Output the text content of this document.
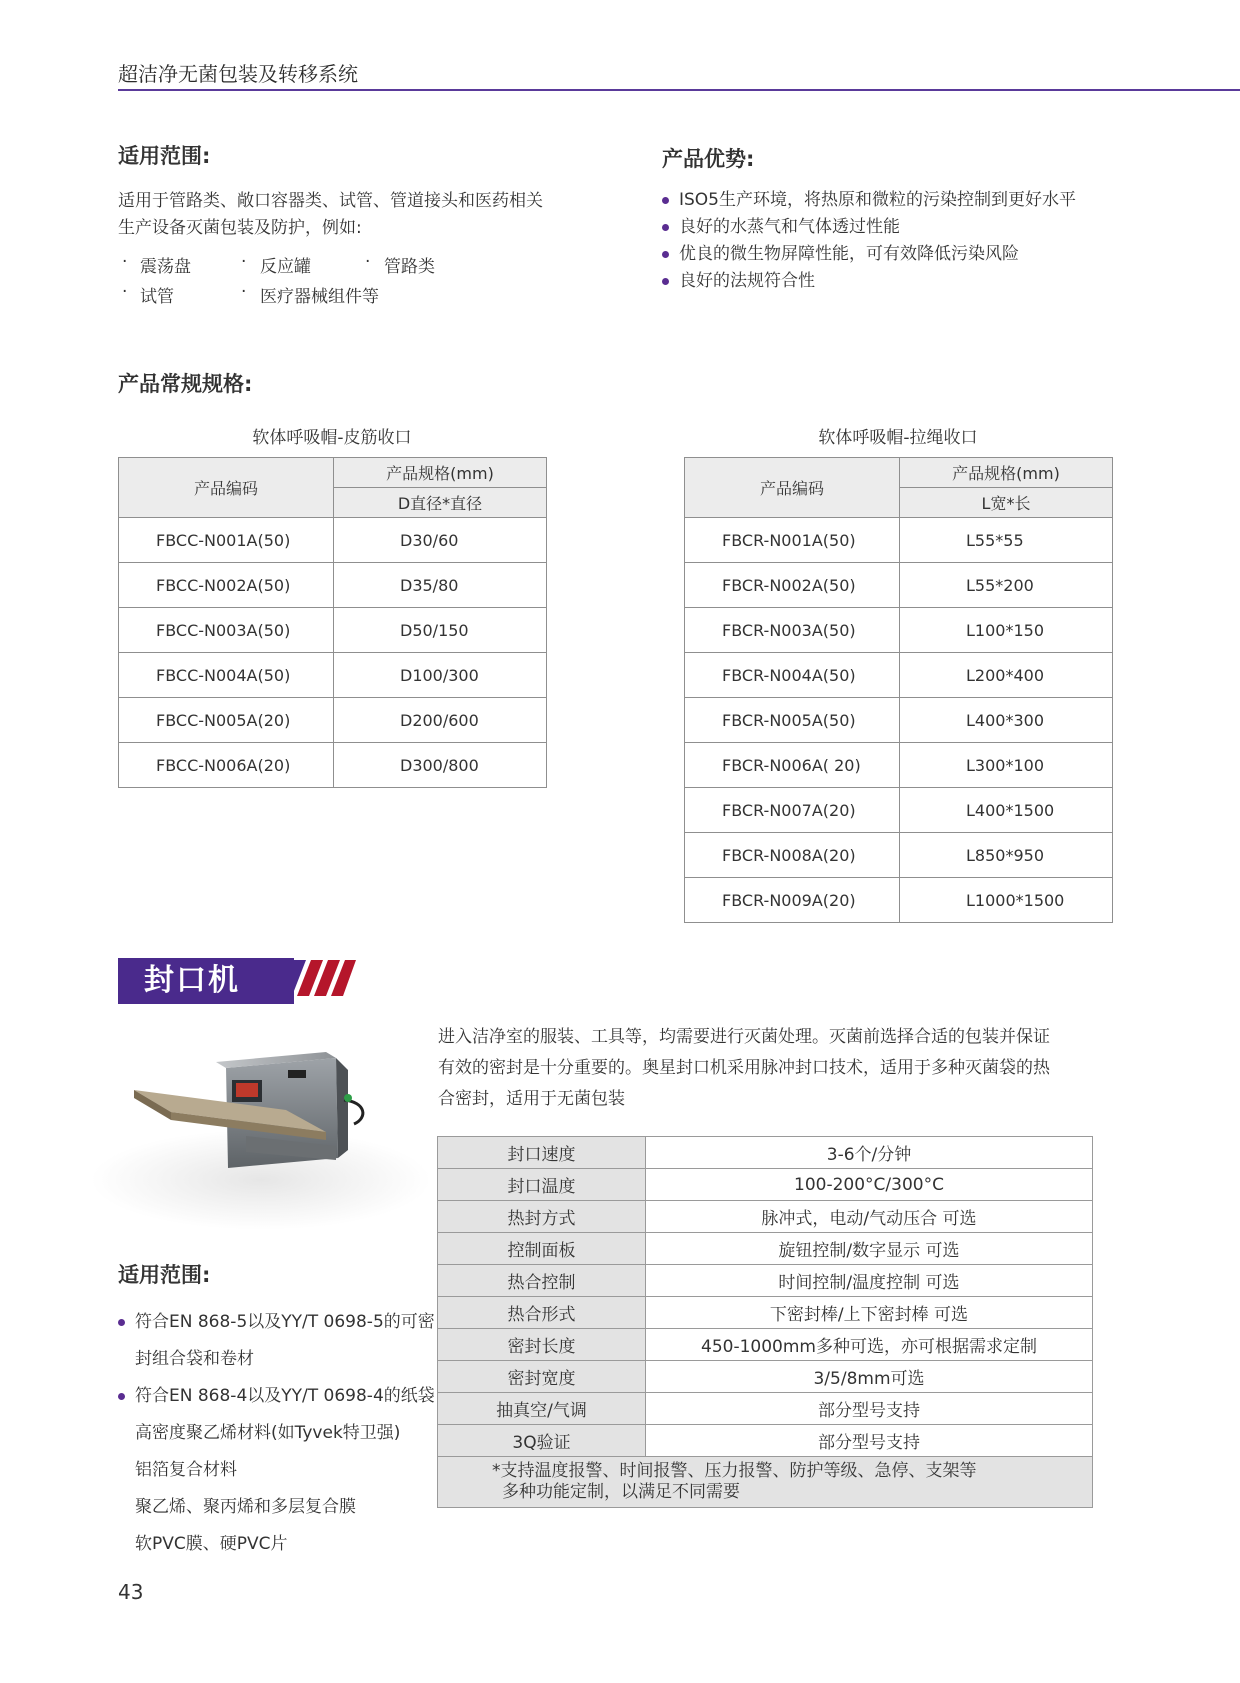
超洁净无菌包装及转移系统
适用范围:
适用于管路类、敞口容器类、试管、管道接头和医药相关
生产设备灭菌包装及防护，例如:
· 震荡盘	· 反应罐	· 管路类
· 试管	· 医疗器械组件等
产品优势:
ISO5生产环境，将热原和微粒的污染控制到更好水平
良好的水蒸气和气体透过性能
优良的微生物屏障性能，可有效降低污染风险
良好的法规符合性
产品常规规格:
软体呼吸帽-皮筋收口
产品编码	产品规格(mm)
	D直径*直径
FBCC-N001A(50)	D30/60
FBCC-N002A(50)	D35/80
FBCC-N003A(50)	D50/150
FBCC-N004A(50)	D100/300
FBCC-N005A(20)	D200/600
FBCC-N006A(20)	D300/800
软体呼吸帽-拉绳收口
产品编码	产品规格(mm)
	L宽*长
FBCR-N001A(50)	L55*55
FBCR-N002A(50)	L55*200
FBCR-N003A(50)	L100*150
FBCR-N004A(50)	L200*400
FBCR-N005A(50)	L400*300
FBCR-N006A( 20)	L300*100
FBCR-N007A(20)	L400*1500
FBCR-N008A(20)	L850*950
FBCR-N009A(20)	L1000*1500
封口机
进入洁净室的服装、工具等，均需要进行灭菌处理。灭菌前选择合适的包装并保证
有效的密封是十分重要的。奥星封口机采用脉冲封口技术，适用于多种灭菌袋的热
合密封，适用于无菌包装
封口速度	3-6个/分钟
封口温度	100-200°C/300°C
热封方式	脉冲式，电动/气动压合 可选
控制面板	旋钮控制/数字显示 可选
热合控制	时间控制/温度控制 可选
热合形式	下密封棒/上下密封棒 可选
密封长度	450-1000mm多种可选，亦可根据需求定制
密封宽度	3/5/8mm可选
抽真空/气调	部分型号支持
3Q验证	部分型号支持

*支持温度报警、时间报警、压力报警、防护等级、急停、支架等
多种功能定制，以满足不同需要	
适用范围:
符合EN 868-5以及YY/T 0698-5的可密
封组合袋和卷材
符合EN 868-4以及YY/T 0698-4的纸袋
高密度聚乙烯材料(如Tyvek特卫强)
铝箔复合材料
聚乙烯、聚丙烯和多层复合膜
软PVC膜、硬PVC片
43
